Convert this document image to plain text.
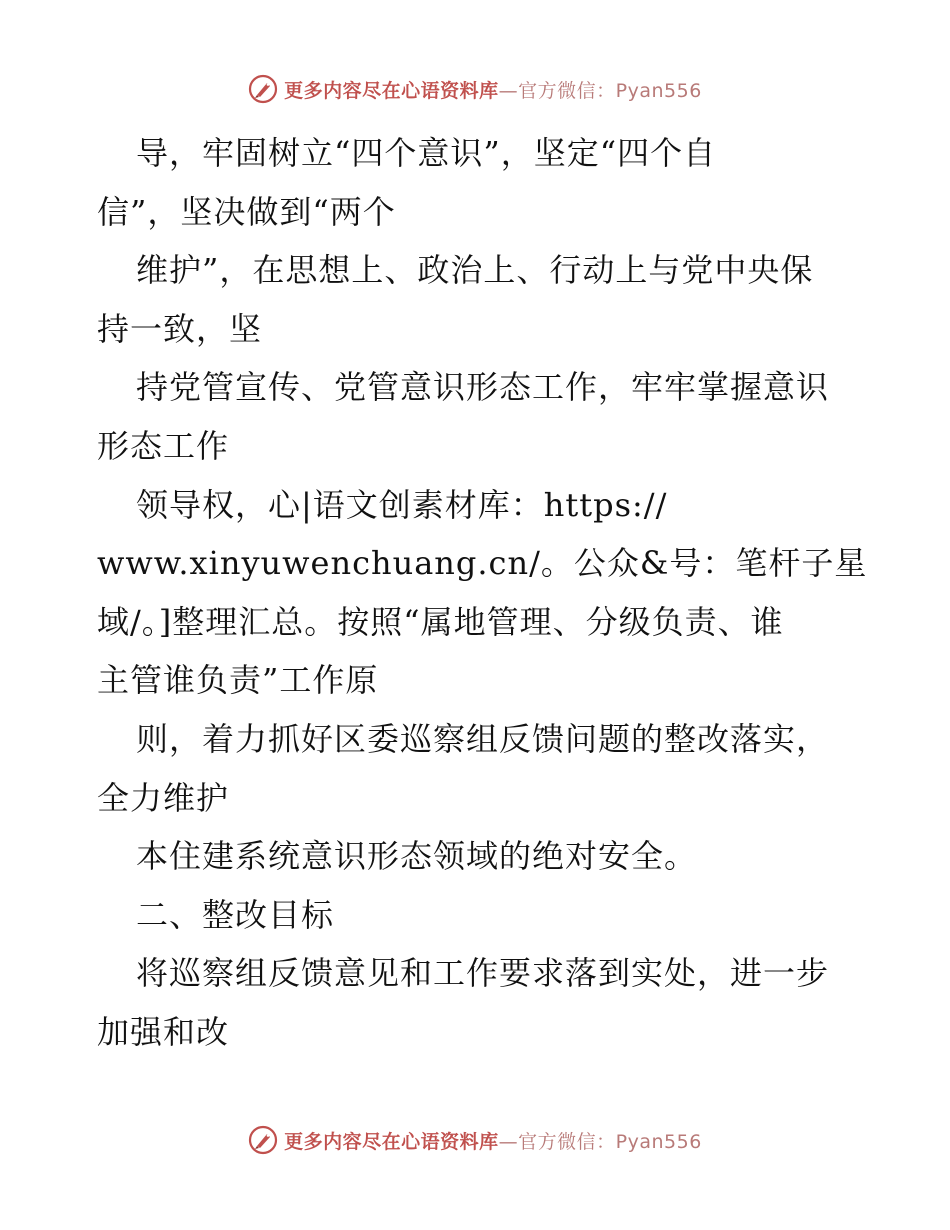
更多内容尽在心语资料库—官方微信：Pyan556
导，牢固树立“四个意识”，坚定“四个自
信”，坚决做到“两个
维护”，在思想上、政治上、行动上与党中央保
持一致，坚
持党管宣传、党管意识形态工作，牢牢掌握意识
形态工作
领导权，心|语文创素材库：https://
www.xinyuwenchuang.cn/。公众&号：笔杆子星
域/。]整理汇总。按照“属地管理、分级负责、谁
主管谁负责”工作原
则，着力抓好区委巡察组反馈问题的整改落实，
全力维护
本住建系统意识形态领域的绝对安全。
二、整改目标
将巡察组反馈意见和工作要求落到实处，进一步
加强和改
更多内容尽在心语资料库—官方微信：Pyan556
